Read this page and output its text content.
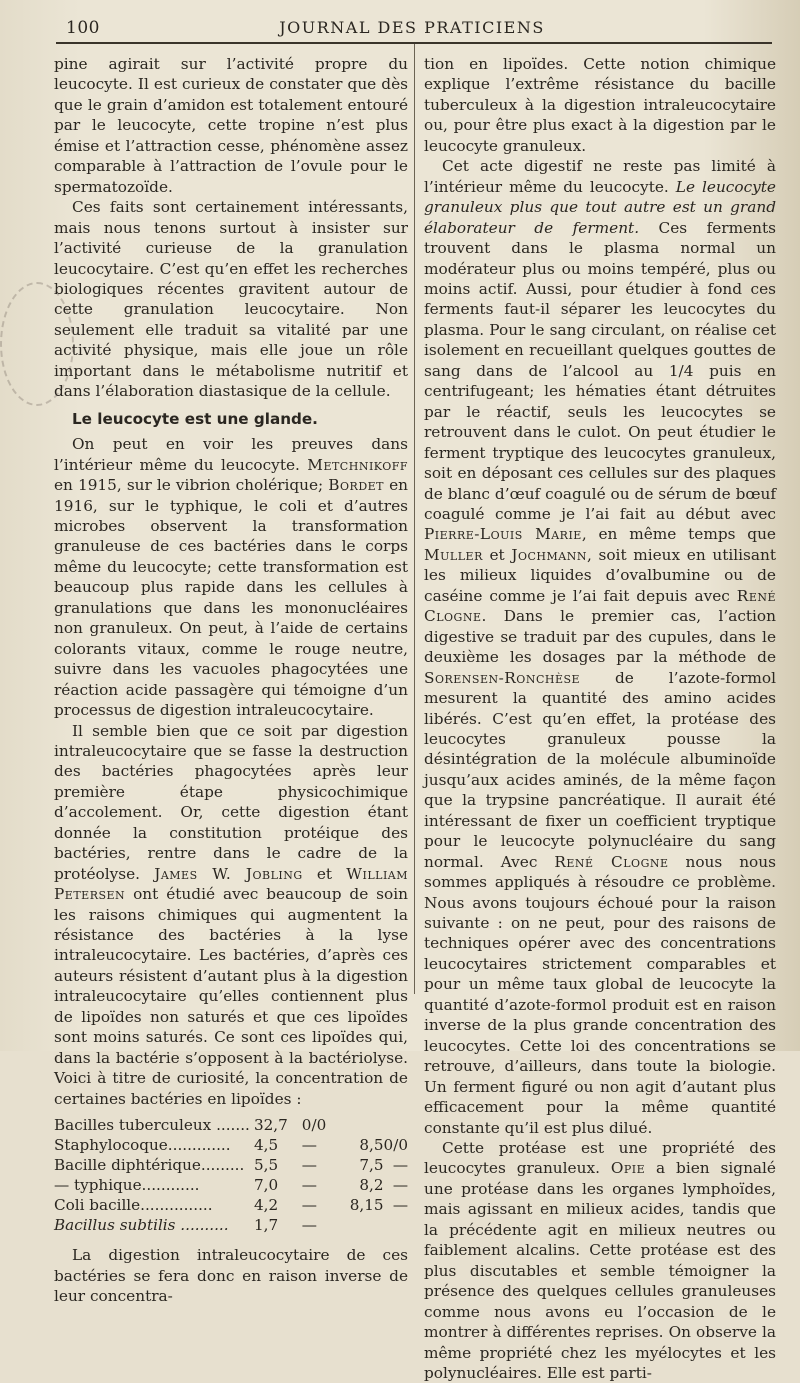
100	JOURNAL DES PRATICIENS

pine agirait sur l’activité propre du leucocyte. Il est curieux de constater que dès que le grain d’amidon est totalement entouré par le leucocyte, cette tropine n’est plus émise et l’attraction cesse, phénomène assez comparable à l’attraction de l’ovule pour le spermatozoïde.

Ces faits sont certainement intéressants, mais nous tenons surtout à insister sur l’activité curieuse de la granulation leucocytaire. C’est qu’en effet les recherches biologiques récentes gravitent autour de cette granulation leucocytaire. Non seulement elle traduit sa vitalité par une activité physique, mais elle joue un rôle important dans le métabolisme nutritif et dans l’élaboration diastasique de la cellule.

Le leucocyte est une glande.

On peut en voir les preuves dans l’intérieur même du leucocyte. Metchnikoff en 1915, sur le vibrion cholérique; Bordet en 1916, sur le typhique, le coli et d’autres microbes observent la transformation granuleuse de ces bactéries dans le corps même du leucocyte; cette transformation est beaucoup plus rapide dans les cellules à granulations que dans les mononucléaires non granuleux. On peut, à l’aide de certains colorants vitaux, comme le rouge neutre, suivre dans les vacuoles phagocytées une réaction acide passagère qui témoigne d’un processus de digestion intraleucocytaire.

Il semble bien que ce soit par digestion intraleucocytaire que se fasse la destruction des bactéries phagocytées après leur première étape physicochimique d’accolement. Or, cette digestion étant donnée la constitution protéique des bactéries, rentre dans le cadre de la protéolyse. James W. Jobling et William Petersen ont étudié avec beaucoup de soin les raisons chimiques qui augmentent la résistance des bactéries à la lyse intraleucocytaire. Les bactéries, d’après ces auteurs résistent d’autant plus à la digestion intraleucocytaire qu’elles contiennent plus de lipoïdes non saturés et que ces lipoïdes sont moins saturés. Ce sont ces lipoïdes qui, dans la bactérie s’opposent à la bactériolyse. Voici à titre de curiosité, la concentration de certaines bactéries en lipoïdes :

Bacilles tuberculeux .......	32,7	0/0		
Staphylocoque.............	4,5	—	8,5	0/0
Bacille diphtérique.........	5,5	—	7,5	—
— typhique............	7,0	—	8,2	—
Coli bacille...............	4,2	—	8,15	—
Bacillus subtilis ..........	1,7	—		

La digestion intraleucocytaire de ces bactéries se fera donc en raison inverse de leur concentra-

tion en lipoïdes. Cette notion chimique explique l’extrême résistance du bacille tuberculeux à la digestion intraleucocytaire ou, pour être plus exact à la digestion par le leucocyte granuleux.

Cet acte digestif ne reste pas limité à l’intérieur même du leucocyte. Le leucocyte granuleux plus que tout autre est un grand élaborateur de ferment. Ces ferments trouvent dans le plasma normal un modérateur plus ou moins tempéré, plus ou moins actif. Aussi, pour étudier à fond ces ferments faut-il séparer les leucocytes du plasma. Pour le sang circulant, on réalise cet isolement en recueillant quelques gouttes de sang dans de l’alcool au 1/4 puis en centrifugeant; les hématies étant détruites par le réactif, seuls les leucocytes se retrouvent dans le culot. On peut étudier le ferment tryptique des leucocytes granuleux, soit en déposant ces cellules sur des plaques de blanc d’œuf coagulé ou de sérum de bœuf coagulé comme je l’ai fait au début avec Pierre-Louis Marie, en même temps que Muller et Jochmann, soit mieux en utilisant les milieux liquides d’ovalbumine ou de caséine comme je l’ai fait depuis avec René Clogne. Dans le premier cas, l’action digestive se traduit par des cupules, dans le deuxième les dosages par la méthode de Sorensen-Ronchèse de l’azote-formol mesurent la quantité des amino acides libérés. C’est qu’en effet, la protéase des leucocytes granuleux pousse la désintégration de la molécule albuminoïde jusqu’aux acides aminés, de la même façon que la trypsine pancréatique. Il aurait été intéressant de fixer un coefficient tryptique pour le leucocyte polynucléaire du sang normal. Avec René Clogne nous nous sommes appliqués à résoudre ce problème. Nous avons toujours échoué pour la raison suivante : on ne peut, pour des raisons de techniques opérer avec des concentrations leucocytaires strictement comparables et pour un même taux global de leucocyte la quantité d’azote-formol produit est en raison inverse de la plus grande concentration des leucocytes. Cette loi des concentrations se retrouve, d’ailleurs, dans toute la biologie. Un ferment figuré ou non agit d’autant plus efficacement pour la même quantité constante qu’il est plus dilué.

Cette protéase est une propriété des leucocytes granuleux. Opie a bien signalé une protéase dans les organes lymphoïdes, mais agissant en milieux acides, tandis que la précédente agit en milieux neutres ou faiblement alcalins. Cette protéase est des plus discutables et semble témoigner la présence des quelques cellules granuleuses comme nous avons eu l’occasion de le montrer à différentes reprises. On observe la même propriété chez les myélocytes et les polynucléaires. Elle est parti-
